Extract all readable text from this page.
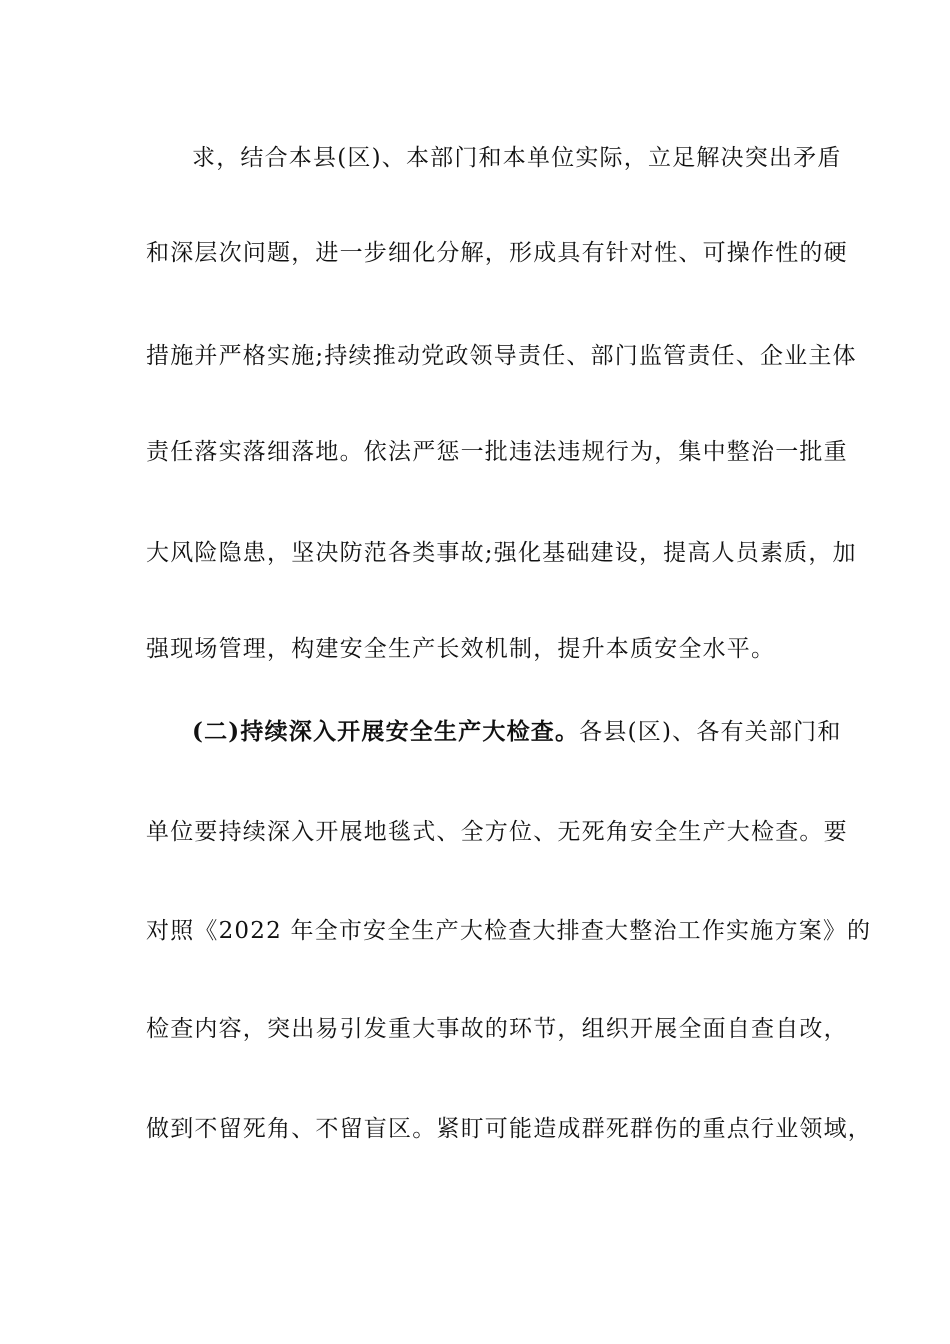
求，结合本县(区)、本部门和本单位实际，立足解决突出矛盾
和深层次问题，进一步细化分解，形成具有针对性、可操作性的硬
措施并严格实施;持续推动党政领导责任、部门监管责任、企业主体
责任落实落细落地。依法严惩一批违法违规行为，集中整治一批重
大风险隐患，坚决防范各类事故;强化基础建设，提高人员素质，加
强现场管理，构建安全生产长效机制，提升本质安全水平。
(二)持续深入开展安全生产大检查。各县(区)、各有关部门和
单位要持续深入开展地毯式、全方位、无死角安全生产大检查。要
对照《2022 年全市安全生产大检查大排查大整治工作实施方案》的
检查内容，突出易引发重大事故的环节，组织开展全面自查自改，
做到不留死角、不留盲区。紧盯可能造成群死群伤的重点行业领域，
